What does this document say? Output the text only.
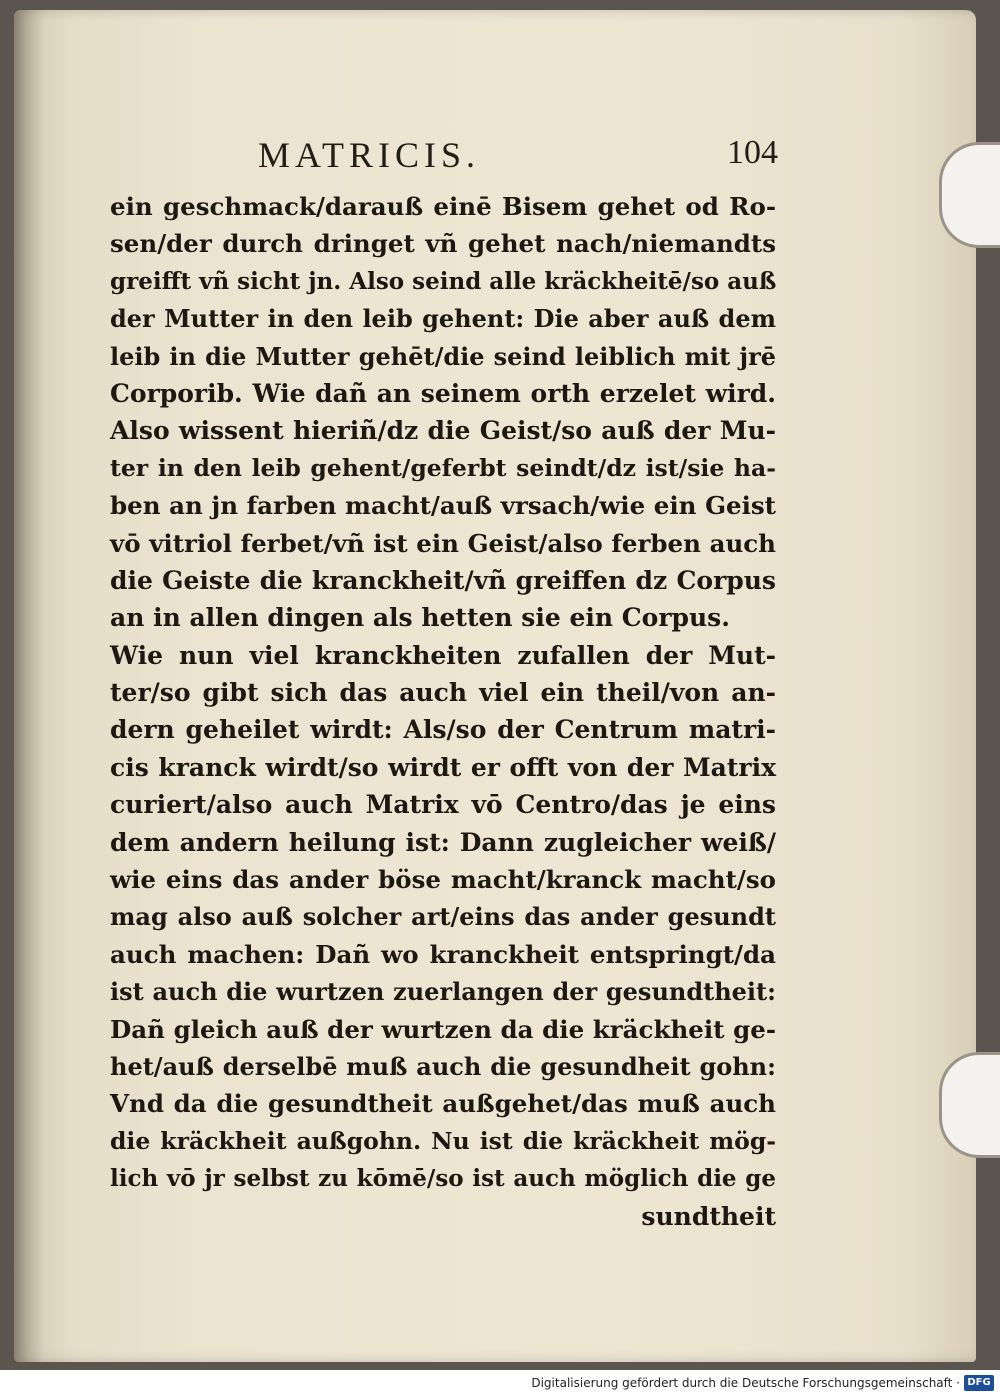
MATRICIS.	104
ein geschmack/darauß einē Bisem gehet od Ro-
sen/der durch dringet vñ gehet nach/niemandts
greifft vñ sicht jn. Also seind alle kräckheitē/so auß
der Mutter in den leib gehent: Die aber auß dem
leib in die Mutter gehēt/die seind leiblich mit jrē
Corporib. Wie dañ an seinem orth erzelet wird.
Also wissent hieriñ/dz die Geist/so auß der Mu-
ter in den leib gehent/geferbt seindt/dz ist/sie ha-
ben an jn farben macht/auß vrsach/wie ein Geist
vō vitriol ferbet/vñ ist ein Geist/also ferben auch
die Geiste die kranckheit/vñ greiffen dz Corpus
an in allen dingen als hetten sie ein Corpus.
Wie nun viel kranckheiten zufallen der Mut-
ter/so gibt sich das auch viel ein theil/von an-
dern geheilet wirdt: Als/so der Centrum matri-
cis kranck wirdt/so wirdt er offt von der Matrix
curiert/also auch Matrix vō Centro/das je eins
dem andern heilung ist: Dann zugleicher weiß/
wie eins das ander böse macht/kranck macht/so
mag also auß solcher art/eins das ander gesundt
auch machen: Dañ wo kranckheit entspringt/da
ist auch die wurtzen zuerlangen der gesundtheit:
Dañ gleich auß der wurtzen da die kräckheit ge-
het/auß derselbē muß auch die gesundheit gohn:
Vnd da die gesundtheit außgehet/das muß auch
die kräckheit außgohn. Nu ist die kräckheit mög-
lich vō jr selbst zu kōmē/so ist auch möglich die ge
sundtheit
Digitalisierung gefördert durch die Deutsche Forschungsgemeinschaft · DFG
